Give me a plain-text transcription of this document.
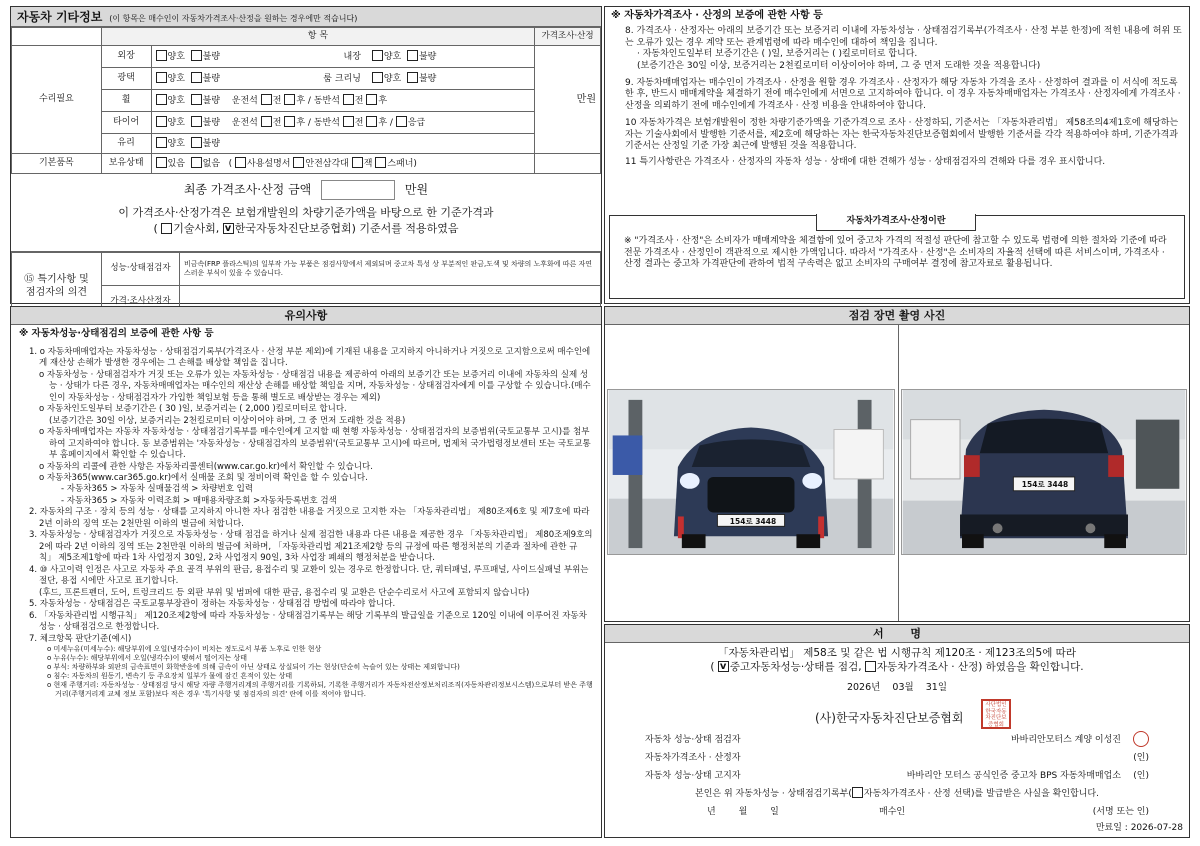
자동차 기타정보 (이 항목은 매수인이 자동차가격조사·산정을 원하는 경우에만 적습니다)
	항 목		가격조사·산정
수리필요	외장	양호 불량 내장 양호 불량	만원
	광택	양호 불량 룸 크리닝 양호 불량	
	휠	양호 불량 운전석 전 후 / 동반석 전 후	
	타이어	양호 불량 운전석 전 후 / 동반석 전 후 / 응급	
	유리	양호 불량	
기본품목	보유상태	있음 없음   ( 사용설명서 안전삼각대 잭 스패너)	
최종 가격조사·산정 금액	만원
이 가격조사·산정가격은 보험개발원의 차량기준가액을 바탕으로 한 기준가격과
( 기술사회, v 한국자동차진단보증협회) 기준서를 적용하였음
⑮ 특기사항 및
점검자의 의견	성능·상태점검자	비금속(FRP 플라스틱)의 일부작 가능 부품은 점검사항에서 제외되며 중고차 특성 상 부분적인 판금,도색 및 차량의 노후화에 따른 자연스러운 부식이 있을 수 있습니다.
	가격·조사산정자	
※ 자동차가격조사 · 산정의 보증에 관한 사항 등

8. 가격조사 · 산정자는 아래의 보증기간 또는 보증거리 이내에 자동차성능 · 상태점검기록부(가격조사 · 산정 부분 한정)에 적힌 내용에 허위 또는 오류가 있는 경우 계약 또는 관계법령에 따라 매수인에 대하여 책임을 집니다.

· 자동차인도일부터 보증기간은 ( )일, 보증거리는 ( )킬로미터로 합니다.

(보증기간은 30일 이상, 보증거리는 2천킬로미터 이상이어야 하며, 그 중 먼저 도래한 것을 적용합니다)

9. 자동차매매업자는 매수인이 가격조사 · 산정을 원할 경우 가격조사 · 산정자가 해당 자동차 가격을 조사 · 산정하여 결과를 이 서식에 적도록 한 후, 반드시 매매계약을 체결하기 전에 매수인에게 서면으로 고지하여야 합니다. 이 경우 자동차매매업자는 가격조사 · 산정자에게 가격조사 · 산정을 의뢰하기 전에 매수인에게 가격조사 · 산정 비용을 안내하여야 합니다.

10 자동차가격은 보험개발원이 정한 차량기준가액을 기준가격으로 조사 · 산정하되, 기준서는 「자동차관리법」 제58조의4제1호에 해당하는 자는 기술사회에서 발행한 기준서를, 제2호에 해당하는 자는 한국자동차진단보증협회에서 발행한 기준서를 각각 적용하여야 하며, 기준가격과 기준서는 산정일 기준 가장 최근에 발행된 것을 적용합니다.

11 특기사항란은 가격조사 · 산정자의 자동차 성능 · 상태에 대한 견해가 성능 · 상태점검자의 견해와 다를 경우 표시합니다.

자동차가격조사·산정이란

※ "가격조사 · 산정"은 소비자가 매매계약을 체결함에 있어 중고차 가격의 적절성 판단에 참고할 수 있도록 법령에 의한 절차와 기준에 따라 전문 가격조사 · 산정인이 객관적으로 제시한 가액입니다. 따라서 "가격조사 · 산정"은 소비자의 자율적 선택에 따른 서비스이며, 가격조사 · 산정 결과는 중고차 가격판단에 관하여 법적 구속력은 없고 소비자의 구매여부 결정에 참고자료로 활용됩니다.

유의사항
※ 자동차성능·상태점검의 보증에 관한 사항 등

1. o 자동차매매업자는 자동차성능 · 상태점검기록부(가격조사 · 산정 부분 제외)에 기재된 내용을 고지하지 아니하거나 거짓으로 고지함으로써 매수인에게 재산상 손해가 발생한 경우에는 그 손해를 배상할 책임을 집니다.

o 자동차성능 · 상태점검자가 거짓 또는 오류가 있는 자동차성능 · 상태점검 내용을 제공하여 아래의 보증기간 또는 보증거리 이내에 자동차의 실제 성능 · 상태가 다른 경우, 자동차매매업자는 매수인의 재산상 손해를 배상할 책임을 지며, 자동차성능 · 상태점검자에게 이를 구상할 수 있습니다.(매수인이 자동차성능 · 상태점검자가 가입한 책임보험 등을 통해 별도로 배상받는 경우는 제외)

o 자동차인도일부터 보증기간은 ( 30 )일, 보증거리는 ( 2,000 )킬로미터로 합니다.

(보증기간은 30일 이상, 보증거리는 2천킬로미터 이상이어야 하며, 그 중 먼저 도래한 것을 적용)

o 자동차매매업자는 자동차 자동차성능 · 상태점검기록부를 매수인에게 고지할 때 현행 자동차성능 · 상태점검자의 보증범위(국토교통부 고시)를 첨부하여 고지하여야 합니다. 동 보증범위는 '자동차성능 · 상태점검자의 보증범위'(국토교통부 고시)에 따르며, 법제처 국가법령정보센터 또는 국토교통부 홈페이지에서 확인할 수 있습니다.

o 자동차의 리콜에 관한 사항은 자동차리콜센터(www.car.go.kr)에서 확인할 수 있습니다.

o 자동차365(www.car365.go.kr)에서 실매물 조회 및 정비이력 확인을 할 수 있습니다.

- 자동차365 > 자동차 실매물검색 > 차량번호 입력

- 자동차365 > 자동차 이력조회 > 매매용차량조회 >자동차등록번호 검색

2. 자동차의 구조 · 장치 등의 성능 · 상태를 고지하지 아니한 자나 점검한 내용을 거짓으로 고지한 자는 「자동차관리법」 제80조제6호 및 제7호에 따라 2년 이하의 징역 또는 2천만원 이하의 벌금에 처합니다.

3. 자동차성능 · 상태점검자가 거짓으로 자동차성능 · 상태 점검을 하거나 실제 점검한 내용과 다른 내용을 제공한 경우 「자동차관리법」 제80조제9호의2에 따라 2년 이하의 징역 또는 2천만원 이하의 벌금에 처하며, 「자동차관리법 제21조제2항 등의 규정에 따른 행정처분의 기준과 절차에 관한 규칙」 제5조제1항에 따라 1차 사업정지 30일, 2차 사업정지 90일, 3차 사업장 폐쇄의 행정처분을 받습니다.

4. ⑩ 사고이력 인정은 사고로 자동차 주요 골격 부위의 판금, 용접수리 및 교환이 있는 경우로 한정합니다. 단, 쿼터패널, 루프패널, 사이드실패널 부위는 절단, 용접 시에만 사고로 표기합니다.

(후드, 프론트펜더, 도어, 트렁크리드 등 외판 부위 및 범퍼에 대한 판금, 용접수리 및 교환은 단순수리로서 사고에 포함되지 않습니다)

5. 자동차성능 · 상태점검은 국토교통부장관이 정하는 자동차성능 · 상태점검 방법에 따라야 합니다.

6. 「자동차관리법 시행규칙」 제120조제2항에 따라 자동차성능 · 상태점검기록부는 해당 기록부의 발급일을 기준으로 120일 이내에 이루어진 자동차 성능 · 상태점검으로 한정합니다.

7. 체크항목 판단기준(예시)

o 미세누유(미세누수): 해당부위에 오일(냉각수)이 비치는 정도로서 부품 노후로 인한 현상

o 누유(누수): 해당부위에서 오일(냉각수)이 맺혀서 떨어지는 상태

o 부식: 차량하부와 외판의 금속표면이 화학반응에 의해 금속이 아닌 상태로 상실되어 가는 현상(단순히 녹슬어 있는 상태는 제외합니다)

o 침수: 자동차의 원동기, 변속기 등 주요장치 일부가 물에 잠긴 흔적이 있는 상태

o 현재 주행거리: 자동차성능 · 상태점검 당시 해당 자량 주행거리계의 주행거리를 기록하되, 기록한 주행거리가 자동차전산정보처리조직(자동차관리정보시스템)으로부터 받은 주행거리(주행거리계 교체 정보 포함)보다 적은 경우 '특기사항 및 점검자의 의견' 란에 이를 적어야 합니다.

점검 장면 촬영 사진
154로 3448
154로 3448
서       명
「자동차관리법」 제58조 및 같은 법 시행규칙 제120조 · 제123조의5에 따라
( v중고자동차성능·상태를 점검, 자동차가격조사 · 산정) 하였음을 확인합니다.
2026년 03월 31일
(사)한국자동차진단보증협회
사단법인한국자동차진단보증협회
자동차 성능·상태 점검자	바바리안모터스 계양 이성진
자동차가격조사 · 산정자	(인)
자동차 성능·상태 고지자	바바리안 모터스 공식인증 중고차 BPS 자동차매매업소 (인)
본인은 위 자동차성능 · 상태점검기록부( 자동차가격조사 · 산정 선택)를 발급받은 사실을 확인합니다.
년        월        일	매수인	(서명 또는 인)
만료일 : 2026-07-28
